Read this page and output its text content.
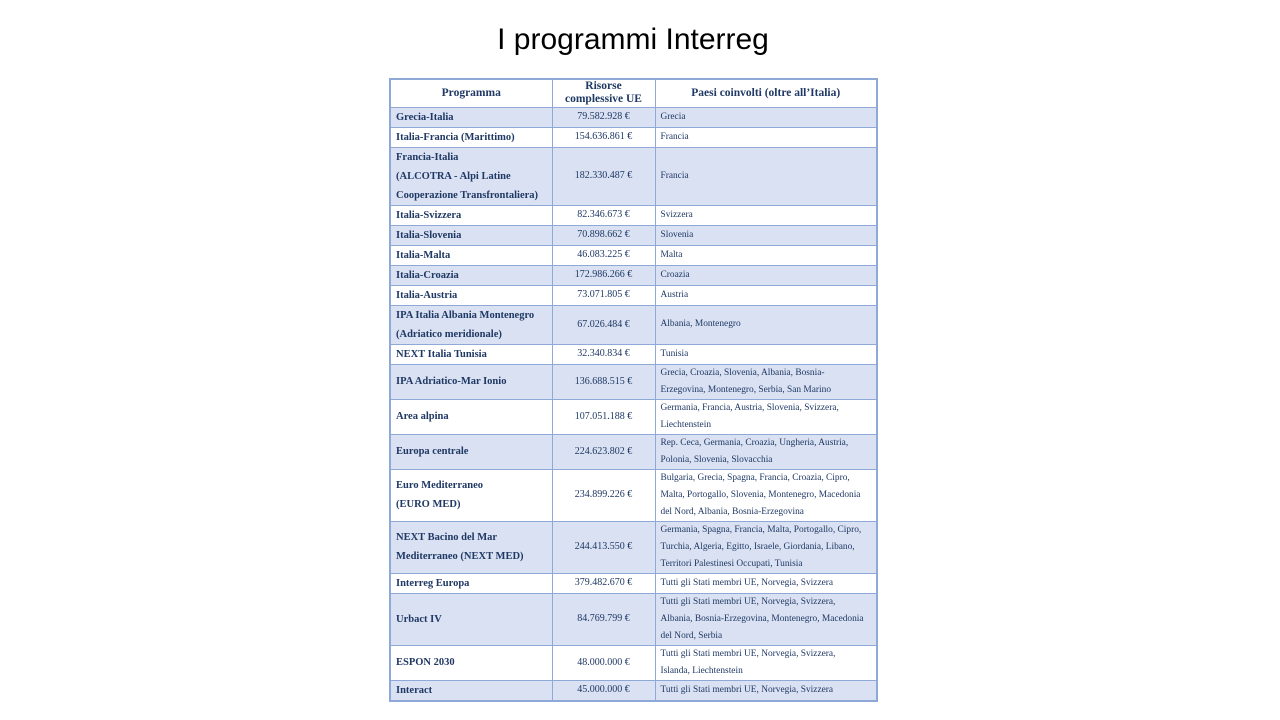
I programmi Interreg
Programma	Risorse complessive UE	Paesi coinvolti (oltre all’Italia)
Grecia-Italia	79.582.928 €	Grecia
Italia-Francia (Marittimo)	154.636.861 €	Francia
Francia-Italia
(ALCOTRA - Alpi Latine
Cooperazione Transfrontaliera)	182.330.487 €	Francia
Italia-Svizzera	82.346.673 €	Svizzera
Italia-Slovenia	70.898.662 €	Slovenia
Italia-Malta	46.083.225 €	Malta
Italia-Croazia	172.986.266 €	Croazia
Italia-Austria	73.071.805 €	Austria
IPA Italia Albania Montenegro
(Adriatico meridionale)	67.026.484 €	Albania, Montenegro
NEXT Italia Tunisia	32.340.834 €	Tunisia
IPA Adriatico-Mar Ionio	136.688.515 €	Grecia, Croazia, Slovenia, Albania, Bosnia-
Erzegovina, Montenegro, Serbia, San Marino
Area alpina	107.051.188 €	Germania, Francia, Austria, Slovenia, Svizzera,
Liechtenstein
Europa centrale	224.623.802 €	Rep. Ceca, Germania, Croazia, Ungheria, Austria,
Polonia, Slovenia, Slovacchia
Euro Mediterraneo
(EURO MED)	234.899.226 €	Bulgaria, Grecia, Spagna, Francia, Croazia, Cipro,
Malta, Portogallo, Slovenia, Montenegro, Macedonia
del Nord, Albania, Bosnia-Erzegovina
NEXT Bacino del Mar
Mediterraneo (NEXT MED)	244.413.550 €	Germania, Spagna, Francia, Malta, Portogallo, Cipro,
Turchia, Algeria, Egitto, Israele, Giordania, Libano,
Territori Palestinesi Occupati, Tunisia
Interreg Europa	379.482.670 €	Tutti gli Stati membri UE, Norvegia, Svizzera
Urbact IV	84.769.799 €	Tutti gli Stati membri UE, Norvegia, Svizzera,
Albania, Bosnia-Erzegovina, Montenegro, Macedonia
del Nord, Serbia
ESPON 2030	48.000.000 €	Tutti gli Stati membri UE, Norvegia, Svizzera,
Islanda, Liechtenstein
Interact	45.000.000 €	Tutti gli Stati membri UE, Norvegia, Svizzera
